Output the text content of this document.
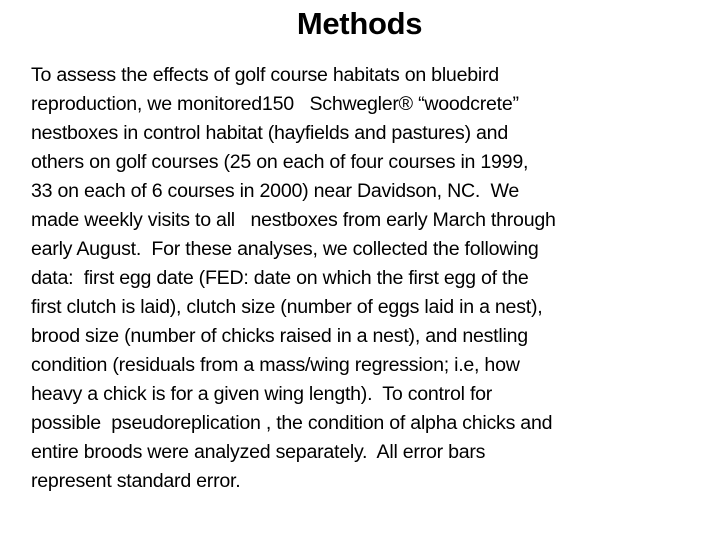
Methods
To assess the effects of golf course habitats on bluebird
reproduction, we monitored150   Schwegler® “woodcrete”
nestboxes in control habitat (hayfields and pastures) and
others on golf courses (25 on each of four courses in 1999,
33 on each of 6 courses in 2000) near Davidson, NC.  We
made weekly visits to all   nestboxes from early March through
early August.  For these analyses, we collected the following
data:  first egg date (FED: date on which the first egg of the
first clutch is laid), clutch size (number of eggs laid in a nest),
brood size (number of chicks raised in a nest), and nestling
condition (residuals from a mass/wing regression; i.e, how
heavy a chick is for a given wing length).  To control for
possible  pseudoreplication , the condition of alpha chicks and
entire broods were analyzed separately.  All error bars
represent standard error.
